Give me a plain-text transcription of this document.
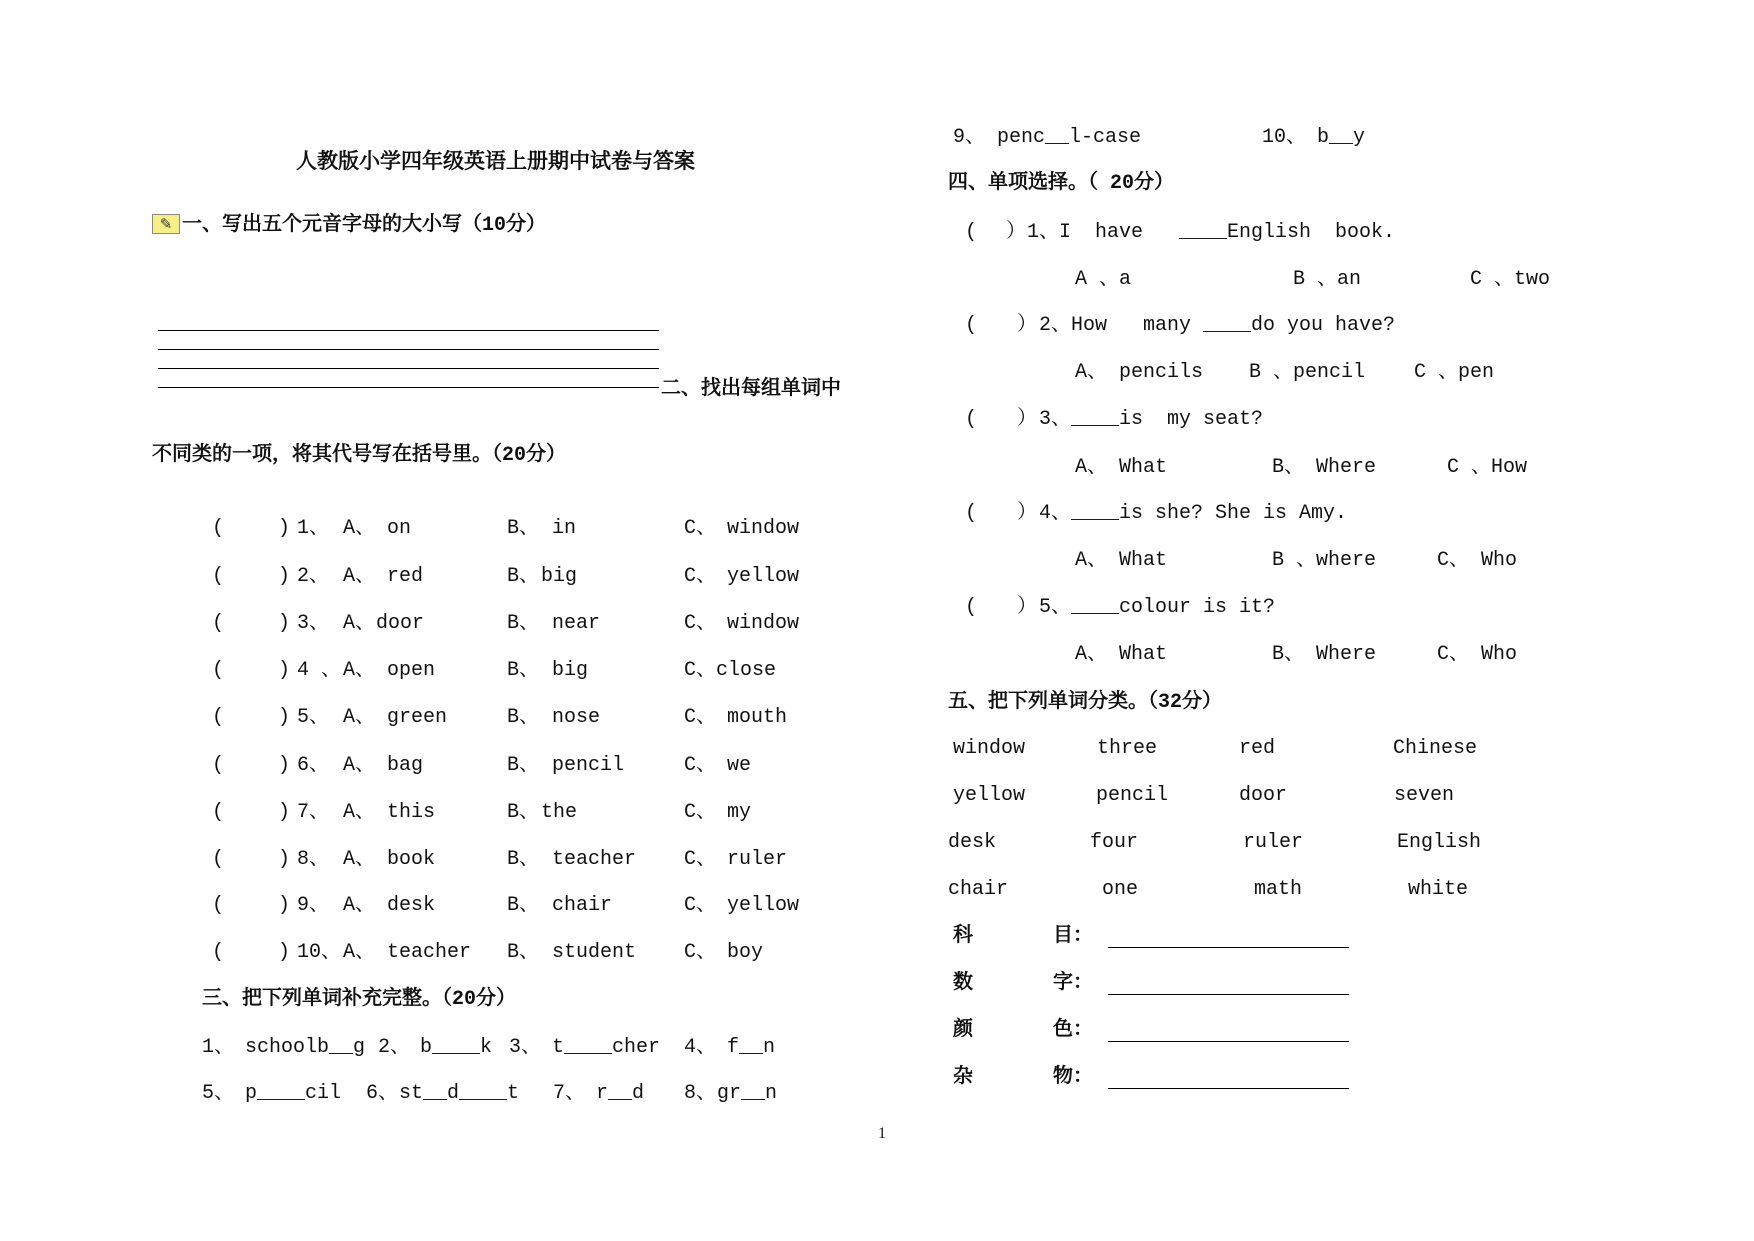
人教版小学四年级英语上册期中试卷与答案
✎ 一、写出五个元音字母的大小写（10分）
二、找出每组单词中
不同类的一项，将其代号写在括号里。（20分）
(	) 1、 A、 on	B、 in	C、 window
(	) 2、 A、 red	B、 big	C、 yellow
(	) 3、 A、 door	B、 near	C、 window
(	) 4 、 A、 open	B、 big	C、 close
(	) 5、 A、 green	B、 nose	C、 mouth
(	) 6、 A、 bag	B、 pencil	C、 we
(	) 7、 A、 this	B、 the	C、 my
(	) 8、 A、 book	B、 teacher C、 ruler
(	) 9、 A、 desk	B、 chair	C、 yellow
(	) 10、 A、 teacher B、 student C、 boy
三、把下列单词补充完整。（20分）
1、 schoolb__g 2、 b____k 3、 t____cher 4、 f__n
5、 p____cil 6、 st__d____t 7、 r__d 8、 gr__n
9、 penc__l-case	10、 b__y
四、单项选择。（ 20分）
( ） 1、I  have   ____English  book.
A 、a	B 、an	C 、two
( ） 2、How   many ____do you have?
A、 pencils B 、pencil C 、pen
( ） 3、____is  my seat?
A、 What	B、 Where	C 、How
( ） 4、____is she? She is Amy.
A、 What	B 、where	C、 Who
( ） 5、____colour is it?
A、 What	B、 Where	C、 Who
五、把下列单词分类。（32分）
window	three	red	Chinese
yellow	pencil	door	seven
desk	four	ruler	English
chair	one	math	white
科	目：
数	字：
颜	色：
杂	物：
1
